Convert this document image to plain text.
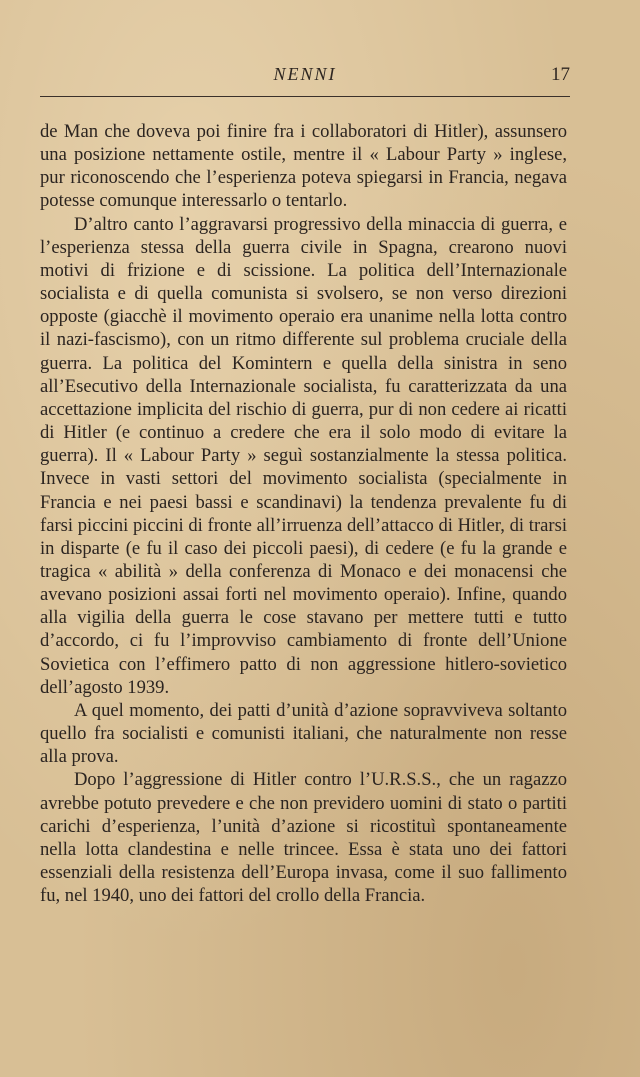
NENNI	17

de Man che doveva poi finire fra i collaboratori di Hitler), assunsero una posizione nettamente ostile, mentre il « Labour Party » inglese, pur riconoscendo che l’esperienza poteva spiegarsi in Francia, negava potesse comunque interessarlo o tentarlo.

D’altro canto l’aggravarsi progressivo della minaccia di guerra, e l’esperienza stessa della guerra civile in Spagna, crearono nuovi motivi di frizione e di scissione. La politica dell’Internazionale socialista e di quella comunista si svolsero, se non verso direzioni opposte (giacchè il movimento operaio era unanime nella lotta contro il nazi-fascismo), con un ritmo differente sul problema cruciale della guerra. La politica del Komintern e quella della sinistra in seno all’Esecutivo della Internazionale socialista, fu caratterizzata da una accettazione implicita del rischio di guerra, pur di non cedere ai ricatti di Hitler (e continuo a credere che era il solo modo di evitare la guerra). Il « Labour Party » seguì sostanzialmente la stessa politica. Invece in vasti settori del movimento socialista (specialmente in Francia e nei paesi bassi e scandinavi) la tendenza prevalente fu di farsi piccini piccini di fronte all’irruenza dell’attacco di Hitler, di trarsi in disparte (e fu il caso dei piccoli paesi), di cedere (e fu la grande e tragica « abilità » della conferenza di Monaco e dei monacensi che avevano posizioni assai forti nel movimento operaio). Infine, quando alla vigilia della guerra le cose stavano per mettere tutti e tutto d’accordo, ci fu l’improvviso cambiamento di fronte dell’Unione Sovietica con l’effimero patto di non aggressione hitlero-sovietico dell’agosto 1939.

A quel momento, dei patti d’unità d’azione sopravviveva soltanto quello fra socialisti e comunisti italiani, che naturalmente non resse alla prova.

Dopo l’aggressione di Hitler contro l’U.R.S.S., che un ragazzo avrebbe potuto prevedere e che non previdero uomini di stato o partiti carichi d’esperienza, l’unità d’azione si ricostituì spontaneamente nella lotta clandestina e nelle trincee. Essa è stata uno dei fattori essenziali della resistenza dell’Europa invasa, come il suo fallimento fu, nel 1940, uno dei fattori del crollo della Francia.
